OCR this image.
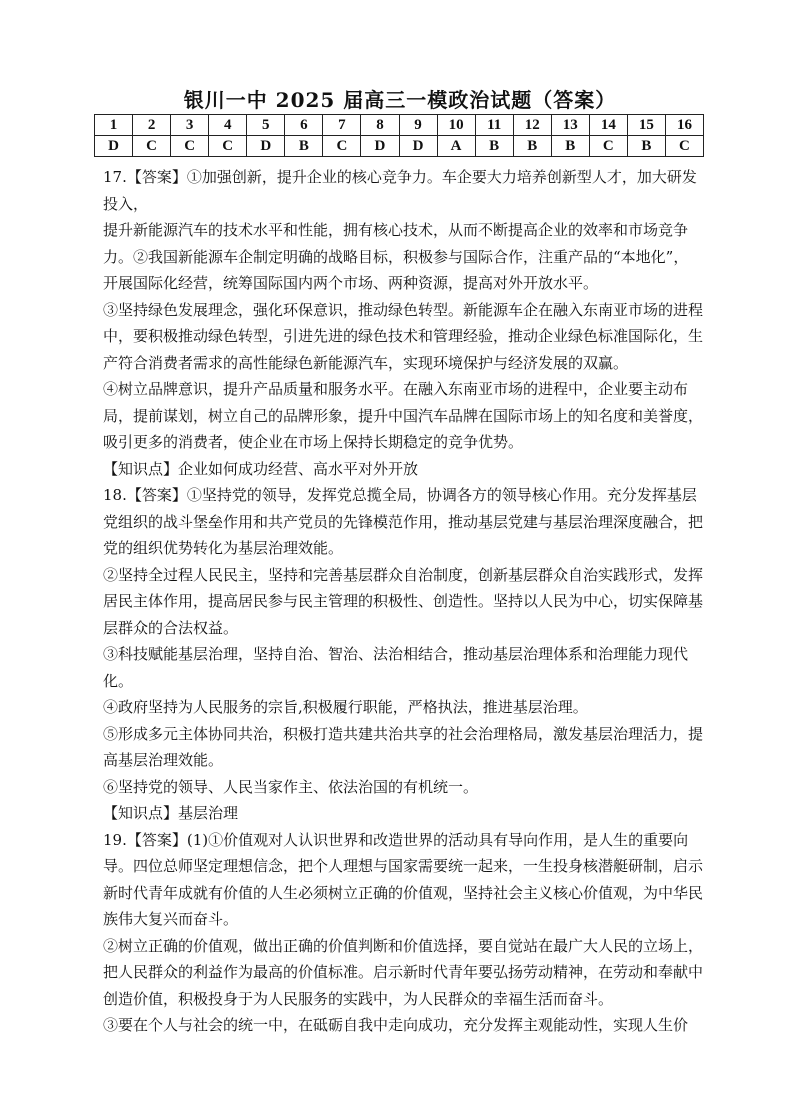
银川一中 2025 届高三一模政治试题（答案）
1	2	3	4	5	6	7	8	9	10	11	12	13	14	15	16
D	C	C	C	D	B	C	D	D	A	B	B	B	C	B	C

17.【答案】①加强创新，提升企业的核心竞争力。车企要大力培养创新型人才，加大研发投入，

提升新能源汽车的技术水平和性能，拥有核心技术，从而不断提高企业的效率和市场竞争力。②我国新能源车企制定明确的战略目标，积极参与国际合作，注重产品的“本地化”，开展国际化经营，统筹国际国内两个市场、两种资源，提高对外开放水平。

③坚持绿色发展理念，强化环保意识，推动绿色转型。新能源车企在融入东南亚市场的进程中，要积极推动绿色转型，引进先进的绿色技术和管理经验，推动企业绿色标准国际化，生产符合消费者需求的高性能绿色新能源汽车，实现环境保护与经济发展的双赢。

④树立品牌意识，提升产品质量和服务水平。在融入东南亚市场的进程中，企业要主动布局，提前谋划，树立自己的品牌形象，提升中国汽车品牌在国际市场上的知名度和美誉度，吸引更多的消费者，使企业在市场上保持长期稳定的竞争优势。

【知识点】企业如何成功经营、高水平对外开放

18.【答案】①坚持党的领导，发挥党总揽全局，协调各方的领导核心作用。充分发挥基层党组织的战斗堡垒作用和共产党员的先锋模范作用，推动基层党建与基层治理深度融合，把党的组织优势转化为基层治理效能。

②坚持全过程人民民主，坚持和完善基层群众自治制度，创新基层群众自治实践形式，发挥居民主体作用，提高居民参与民主管理的积极性、创造性。坚持以人民为中心，切实保障基层群众的合法权益。

③科技赋能基层治理，坚持自治、智治、法治相结合，推动基层治理体系和治理能力现代化。

④政府坚持为人民服务的宗旨,积极履行职能，严格执法，推进基层治理。

⑤形成多元主体协同共治，积极打造共建共治共享的社会治理格局，激发基层治理活力，提高基层治理效能。

⑥坚持党的领导、人民当家作主、依法治国的有机统一。

【知识点】基层治理

19.【答案】(1)①价值观对人认识世界和改造世界的活动具有导向作用，是人生的重要向导。四位总师坚定理想信念，把个人理想与国家需要统一起来，一生投身核潜艇研制，启示新时代青年成就有价值的人生必须树立正确的价值观，坚持社会主义核心价值观，为中华民族伟大复兴而奋斗。

②树立正确的价值观，做出正确的价值判断和价值选择，要自觉站在最广大人民的立场上，把人民群众的利益作为最高的价值标准。启示新时代青年要弘扬劳动精神，在劳动和奉献中创造价值，积极投身于为人民服务的实践中，为人民群众的幸福生活而奋斗。

③要在个人与社会的统一中，在砥砺自我中走向成功，充分发挥主观能动性，实现人生价
